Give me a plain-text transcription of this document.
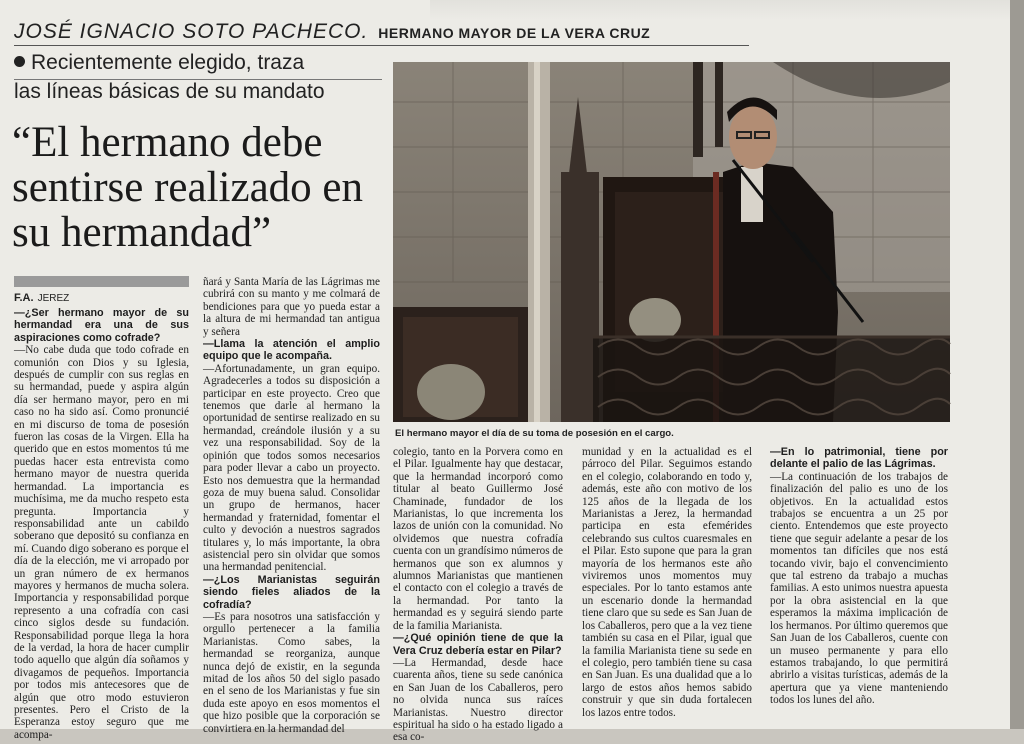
JOSÉ IGNACIO SOTO PACHECO. HERMANO MAYOR DE LA VERA CRUZ
Recientemente elegido, traza
las líneas básicas de su mandato
“El hermano debe sentirse realizado en su hermandad”
F.A. JEREZ

—¿Ser hermano mayor de su hermandad era una de sus aspiraciones como cofrade?

—No cabe duda que todo cofrade en comunión con Dios y su Iglesia, después de cumplir con sus reglas en su hermandad, puede y aspira algún día ser hermano mayor, pero en mi caso no ha sido así. Como pronuncié en mi discurso de toma de posesión fueron las cosas de la Virgen. Ella ha querido que en estos momentos tú me puedas hacer esta entrevista como hermano mayor de nuestra querida hermandad. La importancia es muchísima, me da mucho respeto esta pregunta. Importancia y responsabilidad ante un cabildo soberano que depositó su confianza en mí. Cuando digo soberano es porque el día de la elección, me vi arropado por un gran número de ex hermanos mayores y hermanos de mucha solera. Importancia y responsabilidad porque represento a una cofradía con casi cinco siglos desde su fundación. Responsabilidad porque llega la hora de la verdad, la hora de hacer cumplir todo aquello que algún día soñamos y divagamos de pequeños. Importancia por todos mis antecesores que de algún que otro modo estuvieron presentes. Pero el Cristo de la Esperanza estoy seguro que me acompa-

ñará y Santa María de las Lágrimas me cubrirá con su manto y me colmará de bendiciones para que yo pueda estar a la altura de mi hermandad tan antigua y señera

—Llama la atención el amplio equipo que le acompaña.

—Afortunadamente, un gran equipo. Agradecerles a todos su disposición a participar en este proyecto. Creo que tenemos que darle al hermano la oportunidad de sentirse realizado en su hermandad, creándole ilusión y a su vez una responsabilidad. Soy de la opinión que todos somos necesarios para poder llevar a cabo un proyecto. Esto nos demuestra que la hermandad goza de muy buena salud. Consolidar un grupo de hermanos, hacer hermandad y fraternidad, fomentar el culto y devoción a nuestros sagrados titulares y, lo más importante, la obra asistencial pero sin olvidar que somos una hermandad penitencial.

—¿Los Marianistas seguirán siendo fieles aliados de la cofradía?

—Es para nosotros una satisfacción y orgullo pertenecer a la familia Marianistas. Como sabes, la hermandad se reorganiza, aunque nunca dejó de existir, en la segunda mitad de los años 50 del siglo pasado en el seno de los Marianistas y fue sin duda este apoyo en esos momentos el que hizo posible que la corporación se convirtiera en la hermandad del

El hermano mayor el día de su toma de posesión en el cargo.

colegio, tanto en la Porvera como en el Pilar. Igualmente hay que destacar, que la hermandad incorporó como titular al beato Guillermo José Chaminade, fundador de los Marianistas, lo que incrementa los lazos de unión con la comunidad. No olvidemos que nuestra cofradía cuenta con un grandísimo números de hermanos que son ex alumnos y alumnos Marianistas que mantienen el contacto con el colegio a través de la hermandad. Por tanto la hermandad es y seguirá siendo parte de la familia Marianista.

—¿Qué opinión tiene de que la Vera Cruz debería estar en Pilar?

—La Hermandad, desde hace cuarenta años, tiene su sede canónica en San Juan de los Caballeros, pero no olvida nunca sus raíces Marianistas. Nuestro director espiritual ha sido o ha estado ligado a esa co-

munidad y en la actualidad es el párroco del Pilar. Seguimos estando en el colegio, colaborando en todo y, además, este año con motivo de los 125 años de la llegada de los Marianistas a Jerez, la hermandad participa en esta efemérides celebrando sus cultos cuaresmales en el Pilar. Esto supone que para la gran mayoría de los hermanos este año viviremos unos momentos muy especiales. Por lo tanto estamos ante un escenario donde la hermandad tiene claro que su sede es San Juan de los Caballeros, pero que a la vez tiene también su casa en el Pilar, igual que la familia Marianista tiene su sede en el colegio, pero también tiene su casa en San Juan. Es una dualidad que a lo largo de estos años hemos sabido construir y que sin duda fortalecen los lazos entre todos.

—En lo patrimonial, tiene por delante el palio de las Lágrimas.

—La continuación de los trabajos de finalización del palio es uno de los objetivos. En la actualidad estos trabajos se encuentra a un 25 por ciento. Entendemos que este proyecto tiene que seguir adelante a pesar de los momentos tan difíciles que nos está tocando vivir, bajo el convencimiento que tal estreno da trabajo a muchas familias. A esto unimos nuestra apuesta por la obra asistencial en la que esperamos la máxima implicación de los hermanos. Por último queremos que San Juan de los Caballeros, cuente con un museo permanente y para ello estamos trabajando, lo que permitirá abrirlo a visitas turísticas, además de la apertura que ya viene manteniendo todos los lunes del año.
